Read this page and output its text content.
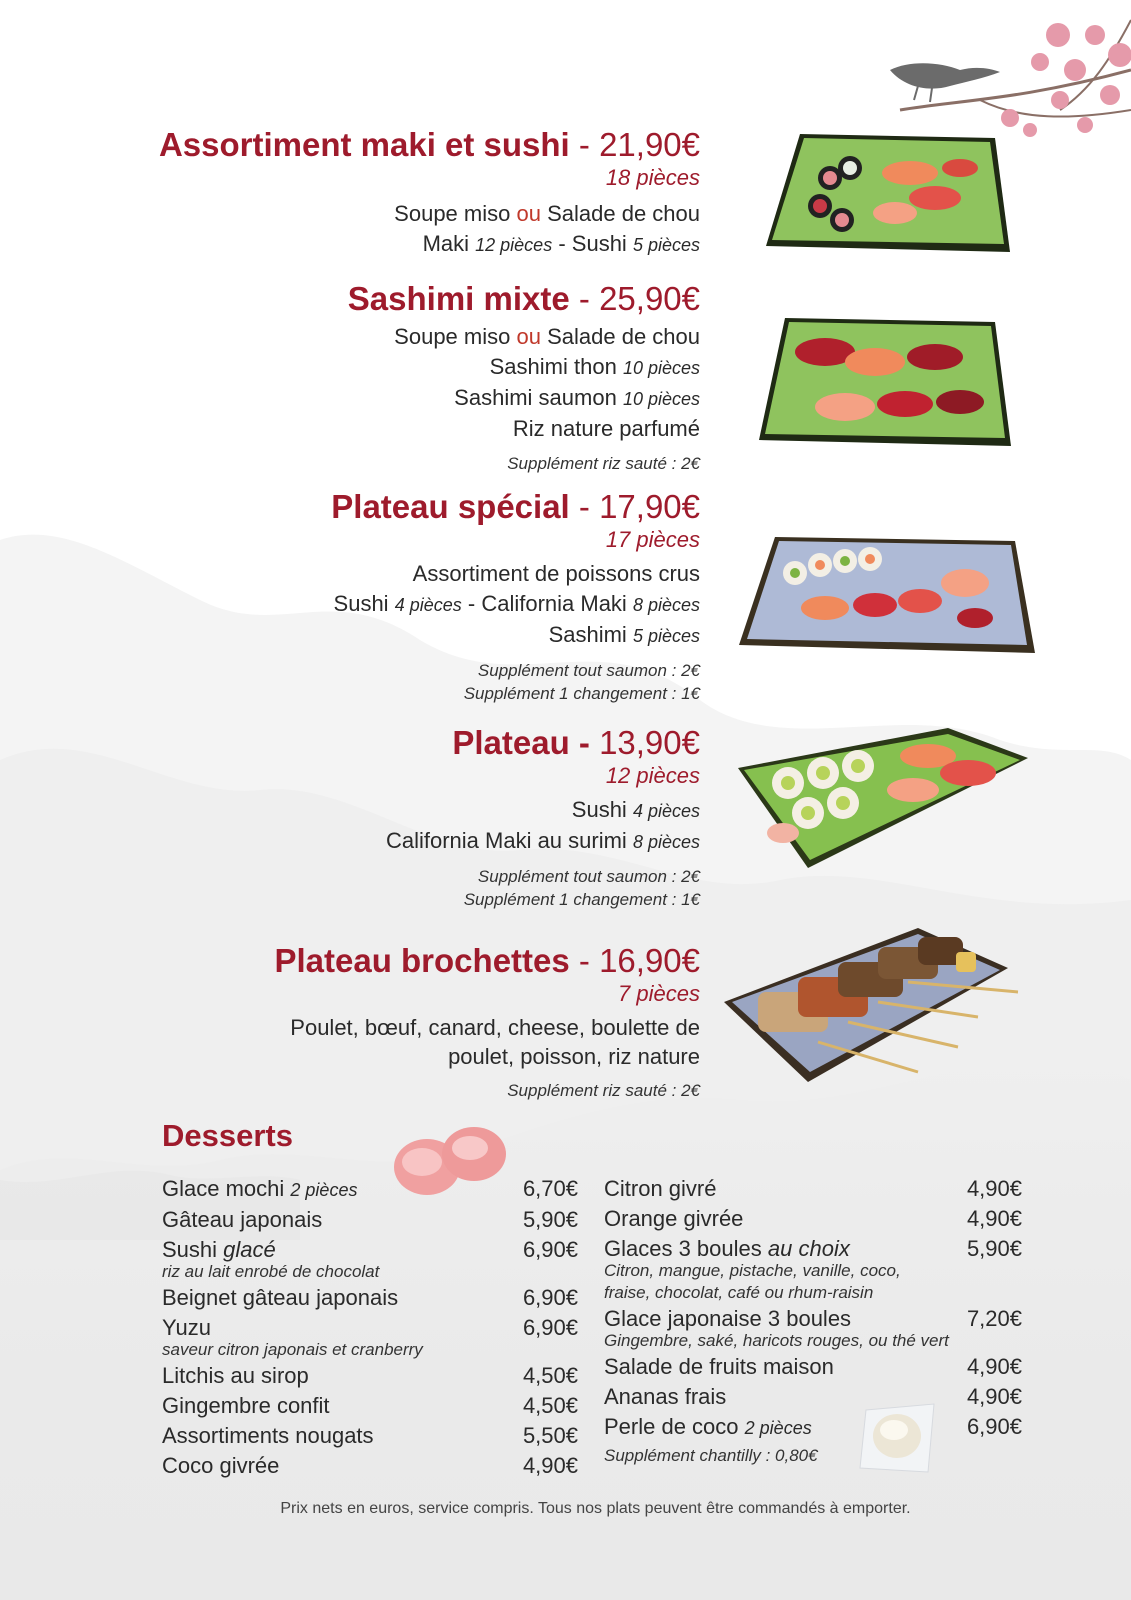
Assortiment maki et sushi - 21,90€
18 pièces
Soupe miso ou Salade de chou
Maki 12 pièces - Sushi 5 pièces
Sashimi mixte - 25,90€
Soupe miso ou Salade de chou
Sashimi thon 10 pièces
Sashimi saumon 10 pièces
Riz nature parfumé
Supplément riz sauté : 2€
Plateau spécial - 17,90€
17 pièces
Assortiment de poissons crus
Sushi 4 pièces - California Maki 8 pièces
Sashimi 5 pièces
Supplément tout saumon : 2€
Supplément 1 changement : 1€
Plateau - 13,90€
12 pièces
Sushi 4 pièces
California Maki au surimi 8 pièces
Supplément tout saumon : 2€
Supplément 1 changement : 1€
Plateau brochettes - 16,90€
7 pièces
Poulet, bœuf, canard, cheese, boulette de poulet, poisson, riz nature
Supplément riz sauté : 2€
Desserts
Glace mochi 2 pièces	6,70€
Gâteau japonais	5,90€
Sushi glacé	6,90€
riz au lait enrobé de chocolat
Beignet gâteau japonais	6,90€
Yuzu	6,90€
saveur citron japonais et cranberry
Litchis au sirop	4,50€
Gingembre confit	4,50€
Assortiments nougats	5,50€
Coco givrée	4,90€
Citron givré	4,90€
Orange givrée	4,90€
Glaces 3 boules au choix	5,90€
Citron, mangue, pistache, vanille, coco,
fraise, chocolat, café ou rhum-raisin
Glace japonaise 3 boules	7,20€
Gingembre, saké, haricots rouges, ou thé vert
Salade de fruits maison	4,90€
Ananas frais	4,90€
Perle de coco 2 pièces	6,90€
Supplément chantilly : 0,80€
Prix nets en euros, service compris. Tous nos plats peuvent être commandés à emporter.
